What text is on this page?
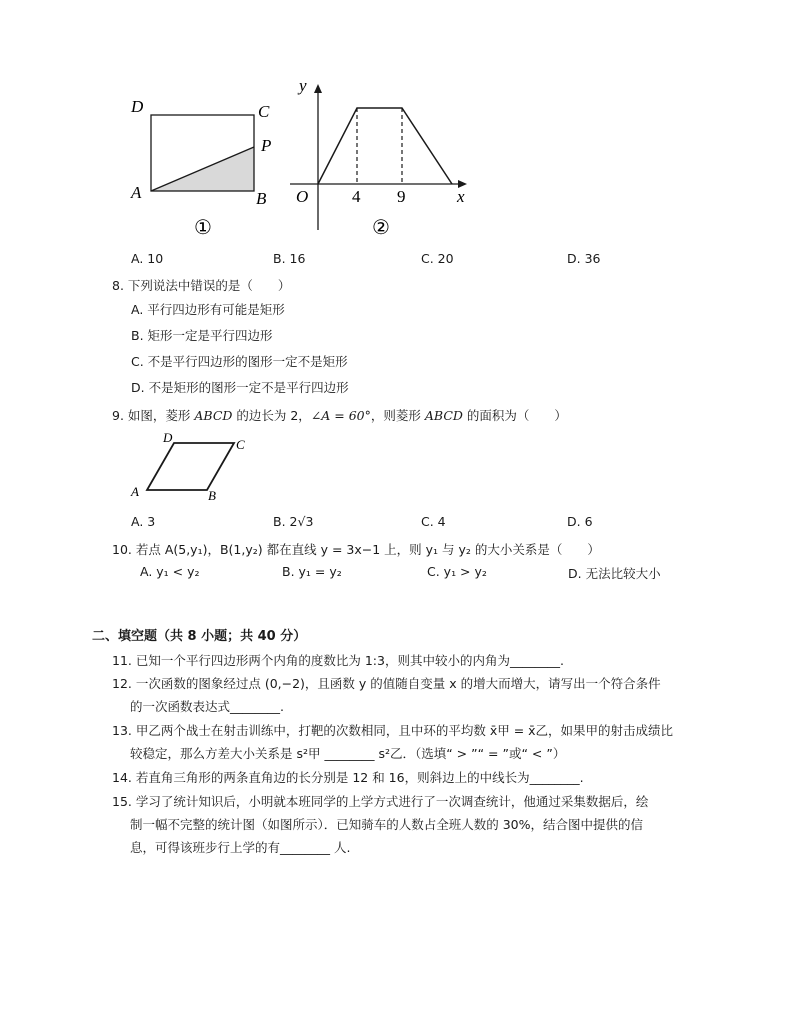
D	C
P
A	B
①
y
x
O	4 9
②
A. 10	B. 16	C. 20	D. 36
8. 下列说法中错误的是（　　）
A. 平行四边形有可能是矩形
B. 矩形一定是平行四边形
C. 不是平行四边形的图形一定不是矩形
D. 不是矩形的图形一定不是平行四边形
9. 如图，菱形 ABCD 的边长为 2，∠A = 60°，则菱形 ABCD 的面积为（　　）
D	C
A	B
A. 3	B. 2√3	C. 4	D. 6
10. 若点 A(5,y₁)，B(1,y₂) 都在直线 y = 3x−1 上，则 y₁ 与 y₂ 的大小关系是（　　）
A. y₁ < y₂	B. y₁ = y₂	C. y₁ > y₂	D. 无法比较大小
二、填空题（共 8 小题；共 40 分）
11. 已知一个平行四边形两个内角的度数比为 1:3，则其中较小的内角为________.
12. 一次函数的图象经过点 (0,−2)，且函数 y 的值随自变量 x 的增大而增大，请写出一个符合条件
的一次函数表达式________.
13. 甲乙两个战士在射击训练中，打靶的次数相同，且中环的平均数 x̄甲 = x̄乙，如果甲的射击成绩比
较稳定，那么方差大小关系是 s²甲 ________ s²乙．（选填“ > ”“ = ”或“ < ”）
14. 若直角三角形的两条直角边的长分别是 12 和 16，则斜边上的中线长为________.
15. 学习了统计知识后，小明就本班同学的上学方式进行了一次调查统计，他通过采集数据后，绘
制一幅不完整的统计图（如图所示）．已知骑车的人数占全班人数的 30%，结合图中提供的信
息，可得该班步行上学的有________ 人.
